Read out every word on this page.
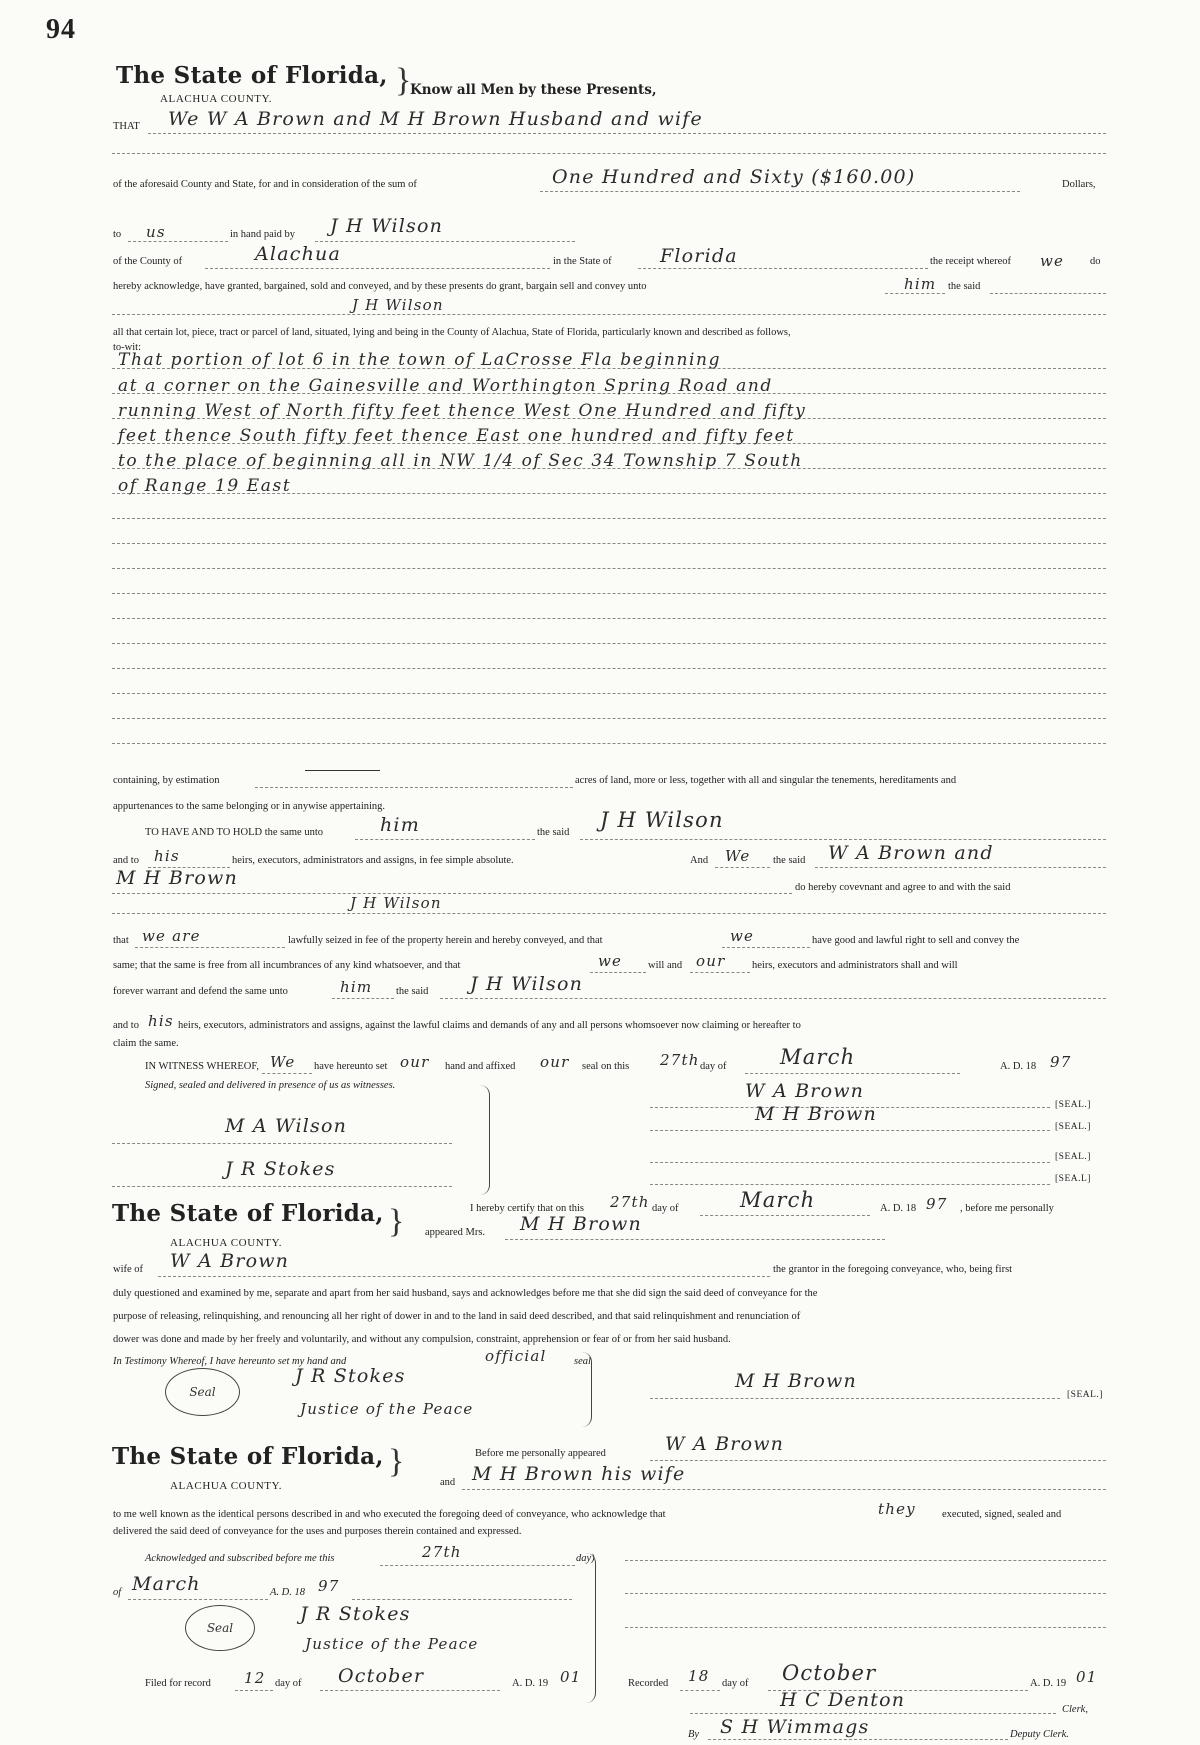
94
The State of Florida,
ALACHUA COUNTY.	}
Know all Men by these Presents,
THAT We W A Brown and M H Brown Husband and wife
of the aforesaid County and State, for and in consideration of the sum of	One Hundred and Sixty ($160.00)	Dollars,
to us	in hand paid by J H Wilson
of the County of	Alachua	in the State of	Florida	the receipt whereof we do
hereby acknowledge, have granted, bargained, sold and conveyed, and by these presents do grant, bargain sell and convey unto	him the said
J H Wilson
all that certain lot, piece, tract or parcel of land, situated, lying and being in the County of Alachua, State of Florida, particularly known and described as follows,
to-wit:
That portion of lot 6 in the town of LaCrosse Fla beginning
at a corner on the Gainesville and Worthington Spring Road and
running West of North fifty feet thence West One Hundred and fifty
feet thence South fifty feet thence East one hundred and fifty feet
to the place of beginning all in NW 1/4 of Sec 34 Township 7 South
of Range 19 East
containing, by estimation	acres of land, more or less, together with all and singular the tenements, hereditaments and
appurtenances to the same belonging or in anywise appertaining.
TO HAVE AND TO HOLD the same unto	him	the said
J H Wilson
and to his	heirs, executors, administrators and assigns, in fee simple absolute.	And We the said W A Brown and
M H Brown	do hereby covevnant and agree to and with the said
J H Wilson
that we are	lawfully seized in fee of the property herein and hereby conveyed, and that	we	have good and lawful right to sell and convey the
same; that the same is free from all incumbrances of any kind whatsoever, and that	we will and our	heirs, executors and administrators shall and will
forever warrant and defend the same unto	him the said J H Wilson
and to his heirs, executors, administrators and assigns, against the lawful claims and demands of any and all persons whomsoever now claiming or hereafter to
claim the same.
IN WITNESS WHEREOF, We have hereunto set our hand and affixed our seal on this 27th day of	March	A. D. 18 97
Signed, sealed and delivered in presence of us as witnesses.
M A Wilson
J R Stokes
W A Brown
[SEAL.]
M H Brown
[SEAL.]
[SEAL.]
[SEA.L]
The State of Florida,
ALACHUA COUNTY.
}	I hereby certify that on this 27th day of	March	A. D. 18 97 , before me personally
appeared Mrs. M H Brown
wife of W A Brown	the grantor in the foregoing conveyance, who, being first
duly questioned and examined by me, separate and apart from her said husband, says and acknowledges before me that she did sign the said deed of conveyance for the
purpose of releasing, relinquishing, and renouncing all her right of dower in and to the land in said deed described, and that said relinquishment and renunciation of
dower was done and made by her freely and voluntarily, and without any compulsion, constraint, apprehension or fear of or from her said husband.
In Testimony Whereof, I have hereunto set my hand and	official	seal
Seal
J R Stokes
Justice of the Peace
M H Brown
[SEAL.]
The State of Florida,
ALACHUA COUNTY.
}	Before me personally appeared	W A Brown
and M H Brown his wife
to me well known as the identical persons described in and who executed the foregoing deed of conveyance, who acknowledge that	they executed, signed, sealed and
delivered the said deed of conveyance for the uses and purposes therein contained and expressed.
Acknowledged and subscribed before me this	27th	day)
of March	A. D. 18 97
Seal
J R Stokes
Justice of the Peace
Filed for record 12 day of October	A. D. 19 01	Recorded 18 day of October	A. D. 19 01
H C Denton	Clerk,
By S H Wimmags	Deputy Clerk.
